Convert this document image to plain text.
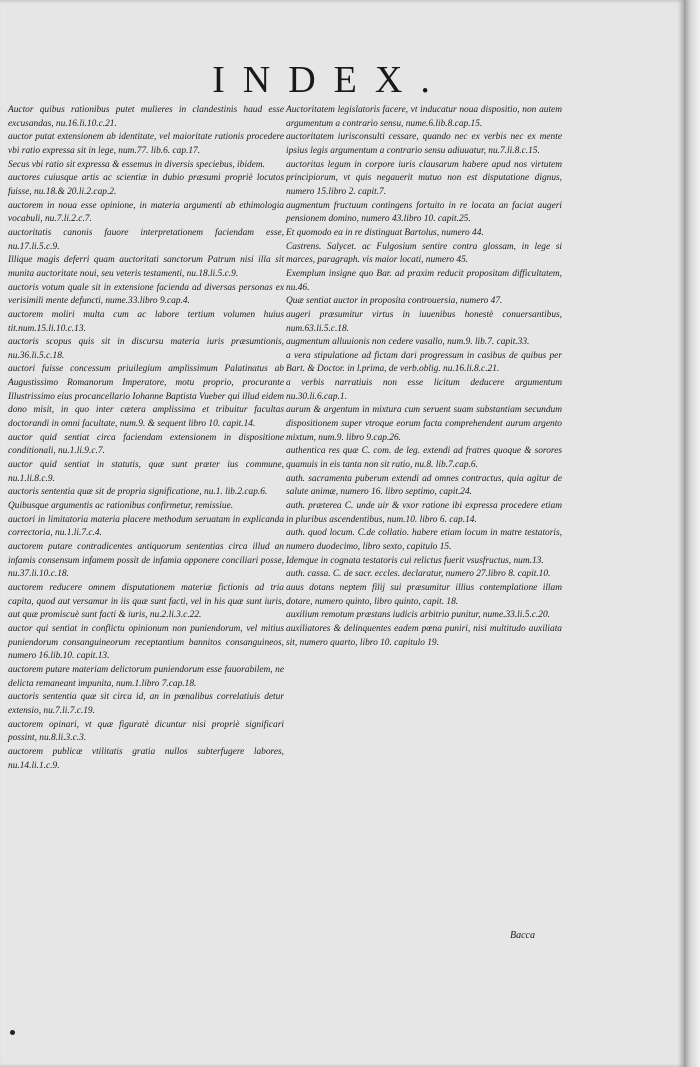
INDEX.

Auctor quibus rationibus putet mulieres in clandestinis haud esse excusandas, nu.16.li.10.c.21.

auctor putat extensionem ab identitate, vel maioritate rationis procedere vbi ratio expressa sit in lege, num.77. lib.6. cap.17.

Secus vbi ratio sit expressa & essemus in diversis speciebus, ibidem.

auctores cuiusque artis ac scientiæ in dubio præsumi propriè locutos fuisse, nu.18.& 20.li.2.cap.2.

auctorem in noua esse opinione, in materia argumenti ab ethimologia vocabuli, nu.7.li.2.c.7.

auctoritatis canonis fauore interpretationem faciendam esse, nu.17.li.5.c.9.

Illique magis deferri quam auctoritati sanctorum Patrum nisi illa sit munita auctoritate noui, seu veteris testamenti, nu.18.li.5.c.9.

auctoris votum quale sit in extensione facienda ad diversas personas ex verisimili mente defuncti, nume.33.libro 9.cap.4.

auctorem moliri multa cum ac labore tertium volumen huius tit.num.15.li.10.c.13.

auctoris scopus quis sit in discursu materia iuris præsumtionis, nu.36.li.5.c.18.

auctori fuisse concessum priuilegium amplissimum Palatinatus ab Augustissimo Romanorum Imperatore, motu proprio, procurante Illustrissimo eius procancellario Iohanne Baptista Vueber qui illud eidem dono misit, in quo inter cætera amplissima et tribuitur facultas doctorandi in omni facultate, num.9. & sequent libro 10. capit.14.

auctor quid sentiat circa faciendam extensionem in dispositione conditionali, nu.1.li.9.c.7.

auctor quid sentiat in statutis, quæ sunt præter ius commune, nu.1.li.8.c.9.

auctoris sententia quæ sit de propria significatione, nu.1. lib.2.cap.6.

Quibusque argumentis ac rationibus confirmetur, remissiue.

auctori in limitatoria materia placere methodum seruatam in explicanda correctoria, nu.1.li.7.c.4.

auctorem putare contradicentes antiquorum sententias circa illud an infamis consensum infamem possit de infamia opponere conciliari posse, nu.37.li.10.c.18.

auctorem reducere omnem disputationem materiæ fictionis ad tria capita, quod aut versamur in iis quæ sunt facti, vel in his quæ sunt iuris, aut quæ promiscuè sunt facti & iuris, nu.2.li.3.c.22.

auctor qui sentiat in conflictu opinionum non puniendorum, vel mitius puniendorum consanguineorum receptantium bannitos consanguineos, numero 16.lib.10. capit.13.

auctorem putare materiam delictorum puniendorum esse fauorabilem, ne delicta remaneant impunita, num.1.libro 7.cap.18.

auctoris sententia quæ sit circa id, an in pœnalibus correlatiuis detur extensio, nu.7.li.7.c.19.

auctorem opinari, vt quæ figuratè dicuntur nisi propriè significari possint, nu.8.li.3.c.3.

auctorem publicæ vtilitatis gratia nullos subterfugere labores, nu.14.li.1.c.9.

Auctoritatem legislatoris facere, vt inducatur noua dispositio, non autem argumentum a contrario sensu, nume.6.lib.8.cap.15.

auctoritatem iurisconsulti cessare, quando nec ex verbis nec ex mente ipsius legis argumentum a contrario sensu adiuuatur, nu.7.li.8.c.15.

auctoritas legum in corpore iuris clausarum habere apud nos virtutem principiorum, vt quis negauerit mutuo non est disputatione dignus, numero 15.libro 2. capit.7.

augmentum fructuum contingens fortuito in re locata an faciat augeri pensionem domino, numero 43.libro 10. capit.25.

Et quomodo ea in re distinguat Bartolus, numero 44.

Castrens. Salycet. ac Fulgosium sentire contra glossam, in lege si marces, paragraph. vis maior locati, numero 45.

Exemplum insigne quo Bar. ad praxim reducit propositam difficultatem, nu.46.

Quæ sentiat auctor in proposita controuersia, numero 47.

augeri præsumitur virtus in iuuenibus honestè conuersantibus, num.63.li.5.c.18.

augmentum alluuionis non cedere vasallo, num.9. lib.7. capit.33.

a vera stipulatione ad fictam dari progressum in casibus de quibus per Bart. & Doctor. in l.prima, de verb.oblig. nu.16.li.8.c.21.

a verbis narratiuis non esse licitum deducere argumentum nu.30.li.6.cap.1.

aurum & argentum in mixtura cum seruent suam substantiam secundum dispositionem super vtroque eorum facta comprehendent aurum argento mixtum, num.9. libro 9.cap.26.

authentica res quæ C. com. de leg. extendi ad fratres quoque & sorores quamuis in eis tanta non sit ratio, nu.8. lib.7.cap.6.

auth. sacramenta puberum extendi ad omnes contractus, quia agitur de salute animæ, numero 16. libro septimo, capit.24.

auth. præterea C. unde uir & vxor ratione ibi expressa procedere etiam in pluribus ascendentibus, num.10. libro 6. cap.14.

auth. quod locum. C.de collatio. habere etiam locum in matre testatoris, numero duodecimo, libro sexto, capitulo 15.

Idemque in cognata testatoris cui relictus fuerit vsusfructus, num.13.

auth. cassa. C. de sacr. eccles. declaratur, numero 27.libro 8. capit.10.

auus dotans neptem filij sui præsumitur illius contemplatione illam dotare, numero quinto, libro quinto, capit. 18.

auxilium remotum præstans iudicis arbitrio punitur, nume.33.li.5.c.20.

auxiliatores & delinquentes eadem pœna puniri, nisi multitudo auxiliata sit, numero quarto, libro 10. capitulo 19.

Bacca
